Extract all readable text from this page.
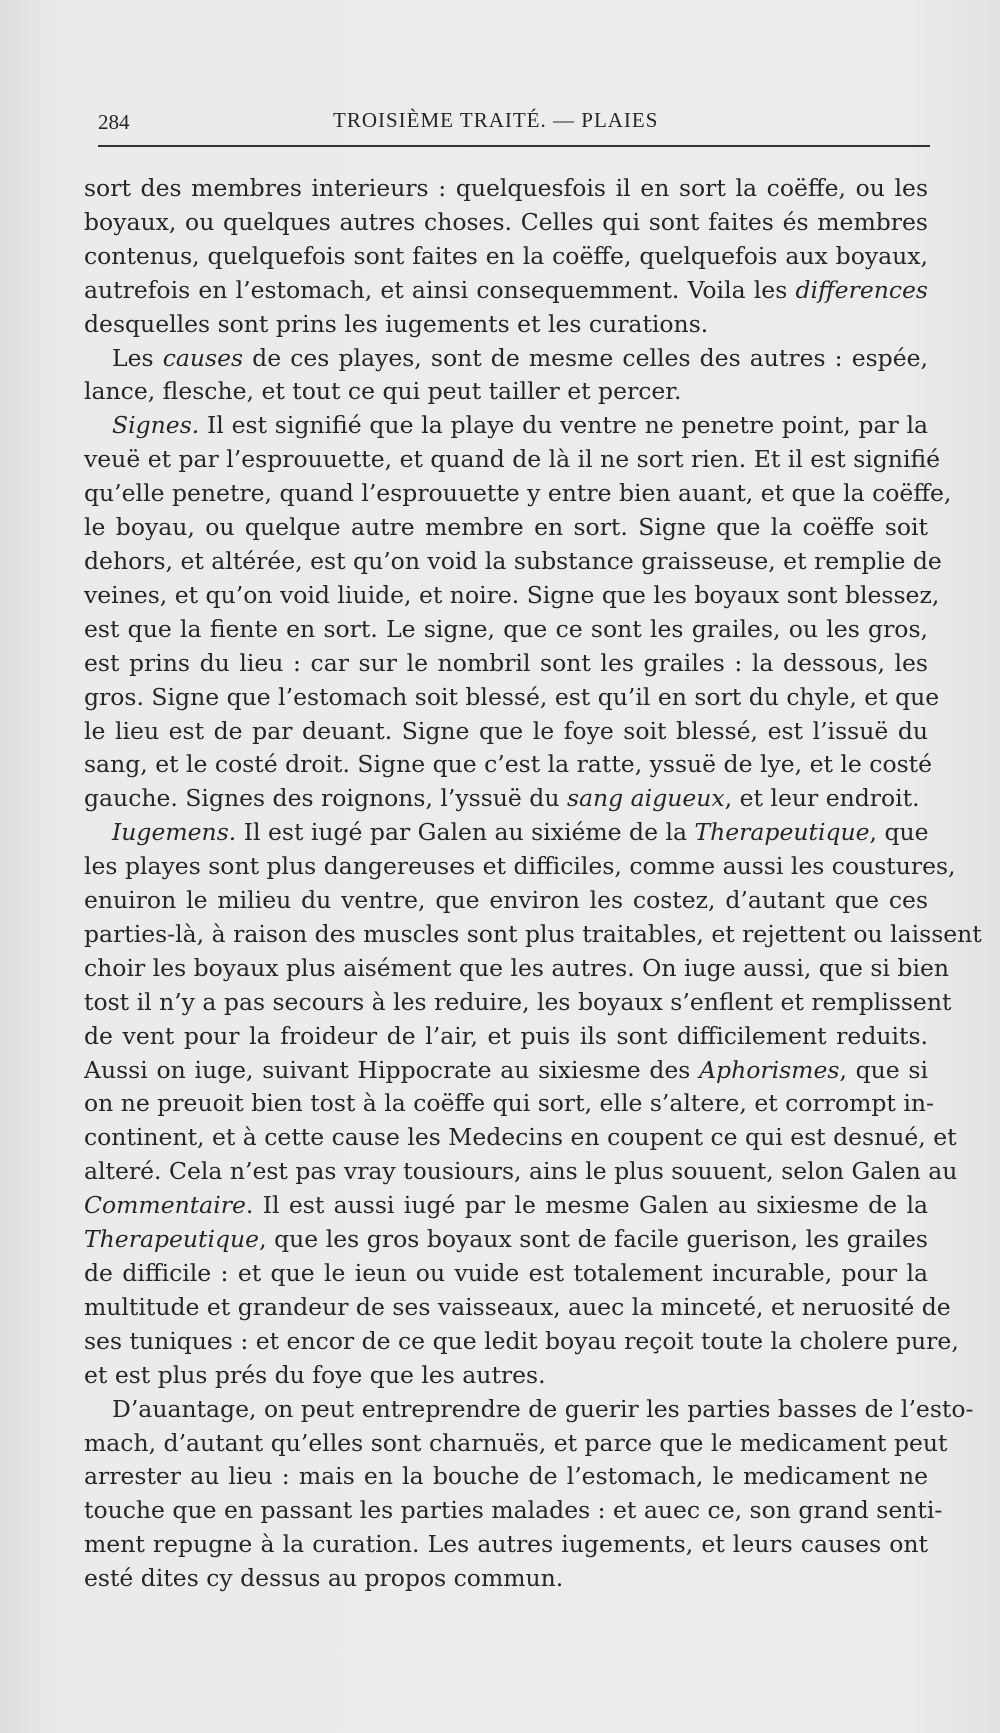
284	TROISIÈME TRAITÉ. — PLAIES
sort des membres interieurs : quelquesfois il en sort la coëffe, ou les
boyaux, ou quelques autres choses. Celles qui sont faites és membres
contenus, quelquefois sont faites en la coëffe, quelquefois aux boyaux,
autrefois en l’estomach, et ainsi consequemment. Voila les differences
desquelles sont prins les iugements et les curations.
Les causes de ces playes, sont de mesme celles des autres : espée,
lance, flesche, et tout ce qui peut tailler et percer.
Signes. Il est signifié que la playe du ventre ne penetre point, par la
veuë et par l’esprouuette, et quand de là il ne sort rien. Et il est signifié
qu’elle penetre, quand l’esprouuette y entre bien auant, et que la coëffe,
le boyau, ou quelque autre membre en sort. Signe que la coëffe soit
dehors, et altérée, est qu’on void la substance graisseuse, et remplie de
veines, et qu’on void liuide, et noire. Signe que les boyaux sont blessez,
est que la fiente en sort. Le signe, que ce sont les grailes, ou les gros,
est prins du lieu : car sur le nombril sont les grailes : la dessous, les
gros. Signe que l’estomach soit blessé, est qu’il en sort du chyle, et que
le lieu est de par deuant. Signe que le foye soit blessé, est l’issuë du
sang, et le costé droit. Signe que c’est la ratte, yssuë de lye, et le costé
gauche. Signes des roignons, l’yssuë du sang aigueux, et leur endroit.
Iugemens. Il est iugé par Galen au sixiéme de la Therapeutique, que
les playes sont plus dangereuses et difficiles, comme aussi les coustures,
enuiron le milieu du ventre, que environ les costez, d’autant que ces
parties-là, à raison des muscles sont plus traitables, et rejettent ou laissent
choir les boyaux plus aisément que les autres. On iuge aussi, que si bien
tost il n’y a pas secours à les reduire, les boyaux s’enflent et remplissent
de vent pour la froideur de l’air, et puis ils sont difficilement reduits.
Aussi on iuge, suivant Hippocrate au sixiesme des Aphorismes, que si
on ne preuoit bien tost à la coëffe qui sort, elle s’altere, et corrompt in-
continent, et à cette cause les Medecins en coupent ce qui est desnué, et
alteré. Cela n’est pas vray tousiours, ains le plus souuent, selon Galen au
Commentaire. Il est aussi iugé par le mesme Galen au sixiesme de la
Therapeutique, que les gros boyaux sont de facile guerison, les grailes
de difficile : et que le ieun ou vuide est totalement incurable, pour la
multitude et grandeur de ses vaisseaux, auec la minceté, et neruosité de
ses tuniques : et encor de ce que ledit boyau reçoit toute la cholere pure,
et est plus prés du foye que les autres.
D’auantage, on peut entreprendre de guerir les parties basses de l’esto-
mach, d’autant qu’elles sont charnuës, et parce que le medicament peut
arrester au lieu : mais en la bouche de l’estomach, le medicament ne
touche que en passant les parties malades : et auec ce, son grand senti-
ment repugne à la curation. Les autres iugements, et leurs causes ont
esté dites cy dessus au propos commun.
